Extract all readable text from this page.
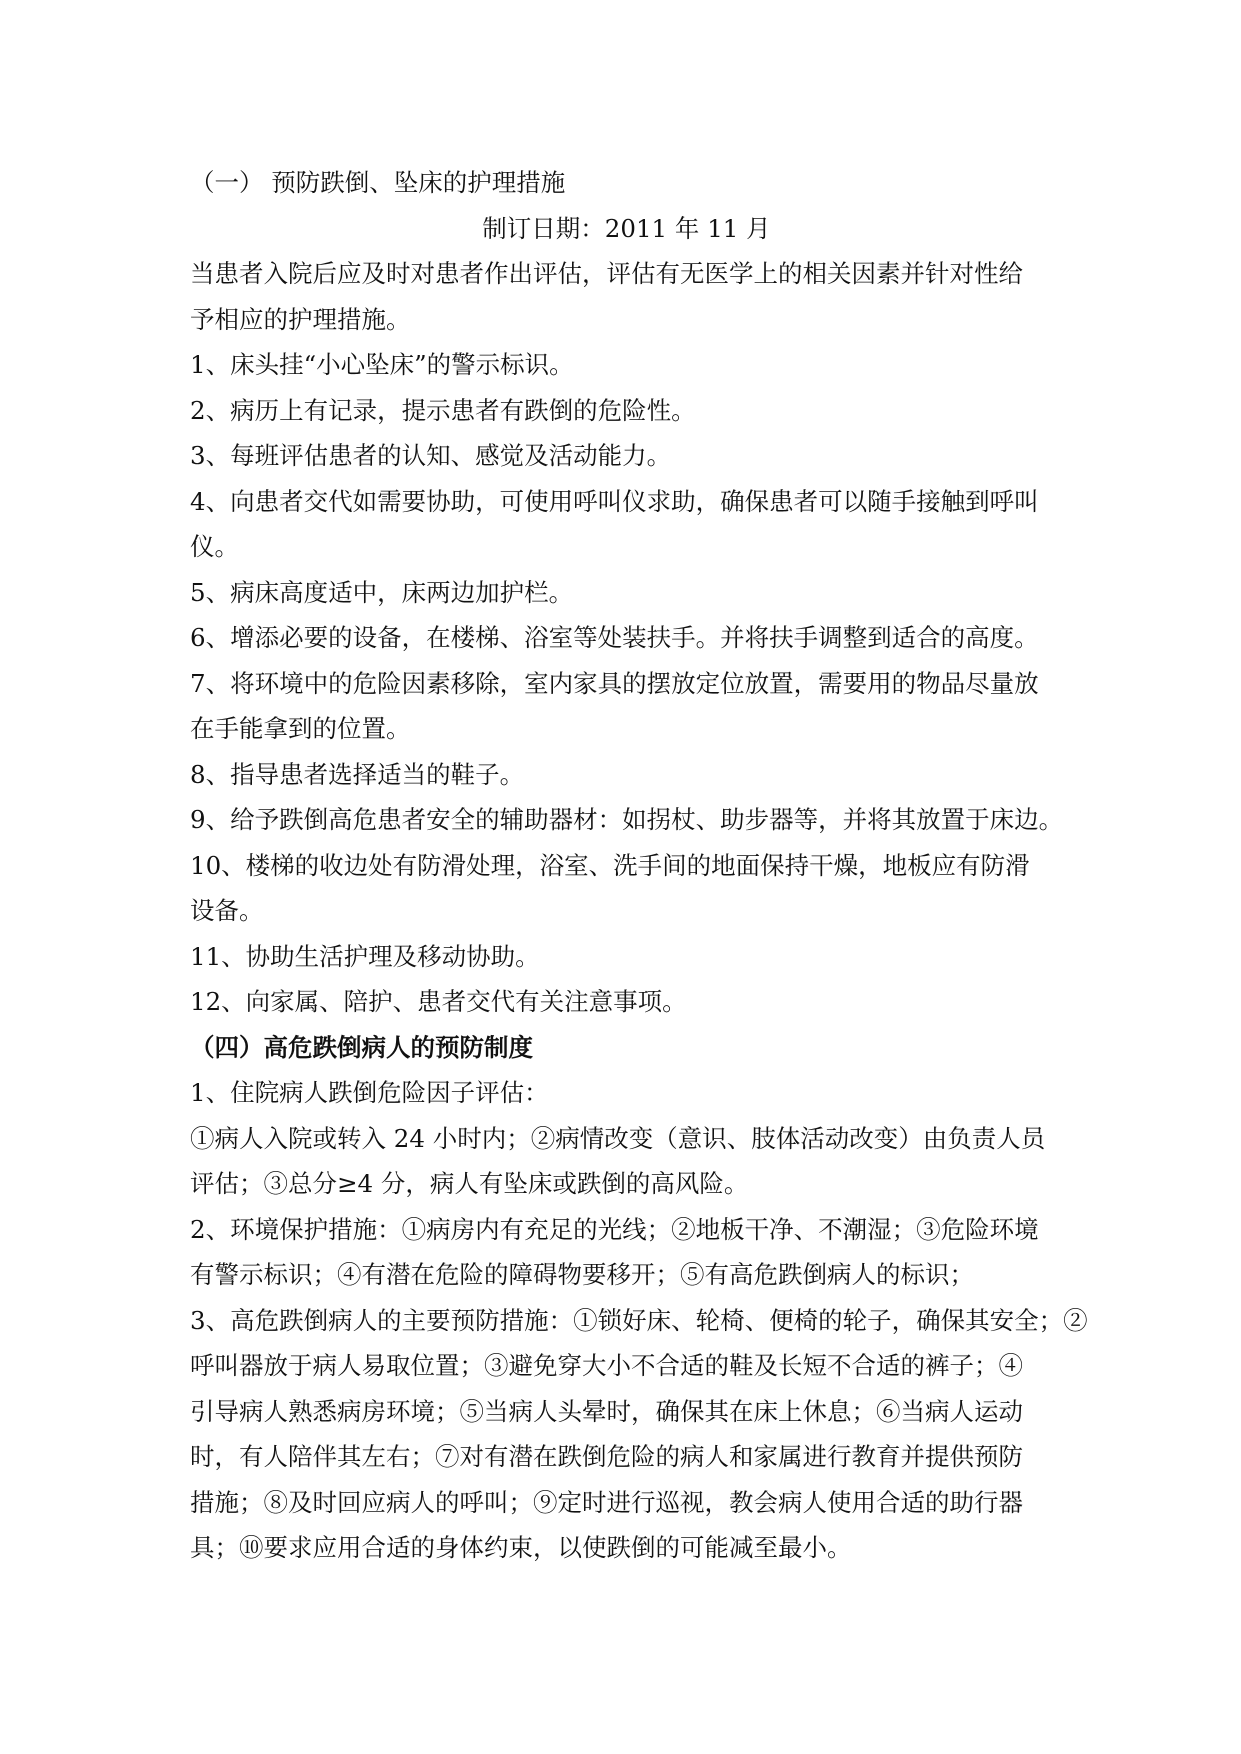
（一） 预防跌倒、坠床的护理措施
制订日期：2011 年 11 月
当患者入院后应及时对患者作出评估，评估有无医学上的相关因素并针对性给
予相应的护理措施。
1、床头挂“小心坠床”的警示标识。
2、病历上有记录，提示患者有跌倒的危险性。
3、每班评估患者的认知、感觉及活动能力。
4、向患者交代如需要协助，可使用呼叫仪求助，确保患者可以随手接触到呼叫
仪。
5、病床高度适中，床两边加护栏。
6、增添必要的设备，在楼梯、浴室等处装扶手。并将扶手调整到适合的高度。
7、将环境中的危险因素移除，室内家具的摆放定位放置，需要用的物品尽量放
在手能拿到的位置。
8、指导患者选择适当的鞋子。
9、给予跌倒高危患者安全的辅助器材：如拐杖、助步器等，并将其放置于床边。
10、楼梯的收边处有防滑处理，浴室、洗手间的地面保持干燥，地板应有防滑
设备。
11、协助生活护理及移动协助。
12、向家属、陪护、患者交代有关注意事项。
（四）高危跌倒病人的预防制度
1、住院病人跌倒危险因子评估：
①病人入院或转入 24 小时内；②病情改变（意识、肢体活动改变）由负责人员
评估；③总分≥4 分，病人有坠床或跌倒的高风险。
2、环境保护措施：①病房内有充足的光线；②地板干净、不潮湿；③危险环境
有警示标识；④有潜在危险的障碍物要移开；⑤有高危跌倒病人的标识；
3、高危跌倒病人的主要预防措施：①锁好床、轮椅、便椅的轮子，确保其安全；②
呼叫器放于病人易取位置；③避免穿大小不合适的鞋及长短不合适的裤子；④
引导病人熟悉病房环境；⑤当病人头晕时，确保其在床上休息；⑥当病人运动
时，有人陪伴其左右；⑦对有潜在跌倒危险的病人和家属进行教育并提供预防
措施；⑧及时回应病人的呼叫；⑨定时进行巡视，教会病人使用合适的助行器
具；⑩要求应用合适的身体约束，以使跌倒的可能减至最小。
